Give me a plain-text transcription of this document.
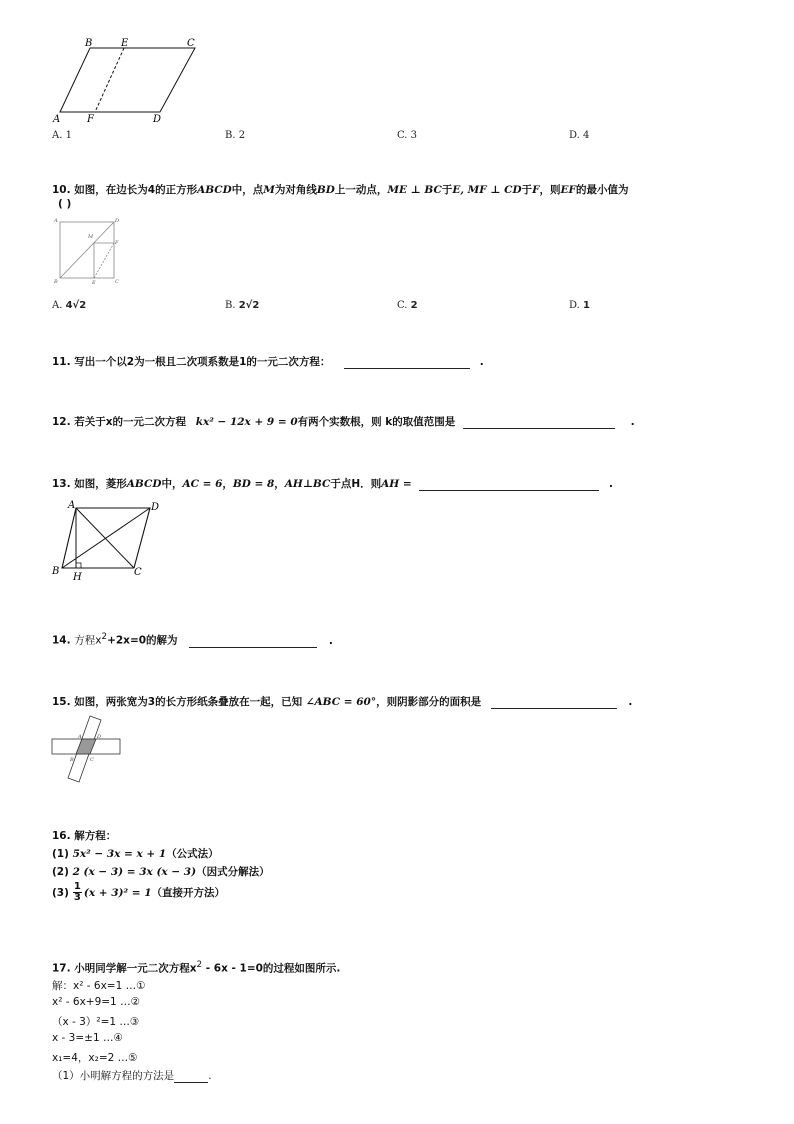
B	E	C
A	F	D
A. 1	B. 2	C. 3	D. 4
10. 如图，在边长为4的正方形ABCD中，点M为对角线BD上一动点，ME ⊥ BC于E, MF ⊥ CD于F，则EF的最小值为
( )
A	D
M
F
B	E	C
A. 4√2	B. 2√2	C. 2	D. 1
11. 写出一个以2为一根且二次项系数是1的一元二次方程：	.
12. 若关于x的一元二次方程 kx² − 12x + 9 = 0有两个实数根，则 k的取值范围是	.
13. 如图，菱形ABCD中，AC = 6，BD = 8，AH⊥BC于点H．则AH =	.
A	D
B
H	C
14. 方程$x^2+2x=0$的解为	.
15. 如图，两张宽为3的长方形纸条叠放在一起，已知 ∠ABC = 60°，则阴影部分的面积是	.
A	D
B	C
16. 解方程：
(1) 5x² − 3x = x + 1（公式法）
(2) 2 (x − 3) = 3x (x − 3)（因式分解法）
$(3) \frac{1}{3} (x + 3)^2 = 1$ （直接开方法）
17. 小明同学解一元二次方程$x^2 - 6x - 1=0$的过程如图所示.
解：x² - 6x=1 …①
x² - 6x+9=1 …②
（x - 3）²=1 …③
x - 3=±1 …④
x₁=4，x₂=2 …⑤
（1）小明解方程的方法是	.
